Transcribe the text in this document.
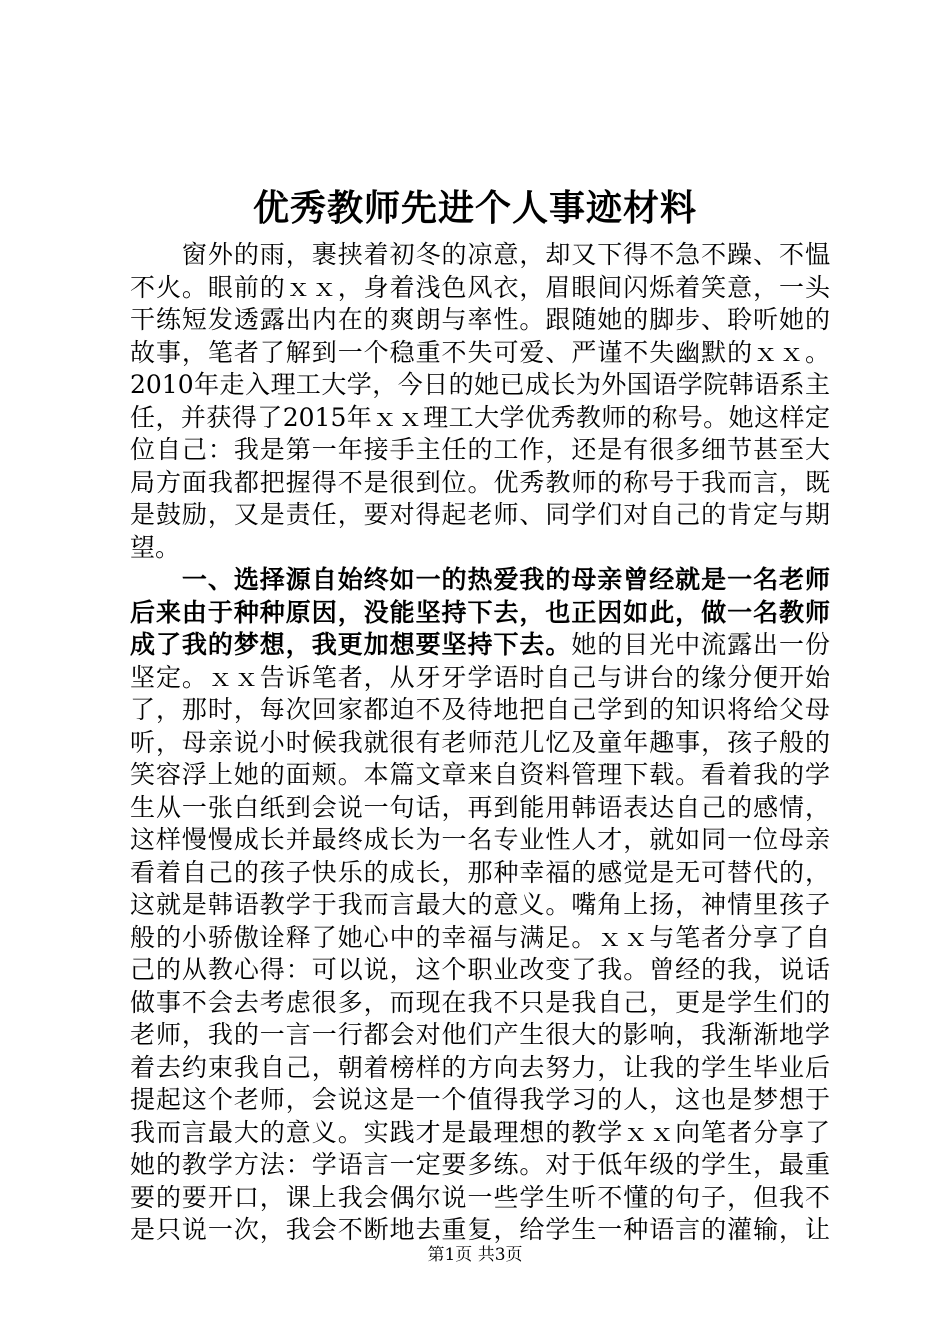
优秀教师先进个人事迹材料
　　窗外的雨，裹挟着初冬的凉意，却又下得不急不躁、不愠
不火。眼前的ｘｘ，身着浅色风衣，眉眼间闪烁着笑意，一头
干练短发透露出内在的爽朗与率性。跟随她的脚步、聆听她的
故事，笔者了解到一个稳重不失可爱、严谨不失幽默的ｘｘ。
2010年走入理工大学，今日的她已成长为外国语学院韩语系主
任，并获得了2015年ｘｘ理工大学优秀教师的称号。她这样定
位自己：我是第一年接手主任的工作，还是有很多细节甚至大
局方面我都把握得不是很到位。优秀教师的称号于我而言，既
是鼓励，又是责任，要对得起老师、同学们对自己的肯定与期
望。
　　一、选择源自始终如一的热爱我的母亲曾经就是一名老师
后来由于种种原因，没能坚持下去，也正因如此，做一名教师
成了我的梦想，我更加想要坚持下去。她的目光中流露出一份
坚定。ｘｘ告诉笔者，从牙牙学语时自己与讲台的缘分便开始
了，那时，每次回家都迫不及待地把自己学到的知识将给父母
听，母亲说小时候我就很有老师范儿忆及童年趣事，孩子般的
笑容浮上她的面颊。本篇文章来自资料管理下载。看着我的学
生从一张白纸到会说一句话，再到能用韩语表达自己的感情，
这样慢慢成长并最终成长为一名专业性人才，就如同一位母亲
看着自己的孩子快乐的成长，那种幸福的感觉是无可替代的，
这就是韩语教学于我而言最大的意义。嘴角上扬，神情里孩子
般的小骄傲诠释了她心中的幸福与满足。ｘｘ与笔者分享了自
己的从教心得：可以说，这个职业改变了我。曾经的我，说话
做事不会去考虑很多，而现在我不只是我自己，更是学生们的
老师，我的一言一行都会对他们产生很大的影响，我渐渐地学
着去约束我自己，朝着榜样的方向去努力，让我的学生毕业后
提起这个老师，会说这是一个值得我学习的人，这也是梦想于
我而言最大的意义。实践才是最理想的教学ｘｘ向笔者分享了
她的教学方法：学语言一定要多练。对于低年级的学生，最重
要的要开口，课上我会偶尔说一些学生听不懂的句子，但我不
是只说一次，我会不断地去重复，给学生一种语言的灌输，让
第1页 共3页
